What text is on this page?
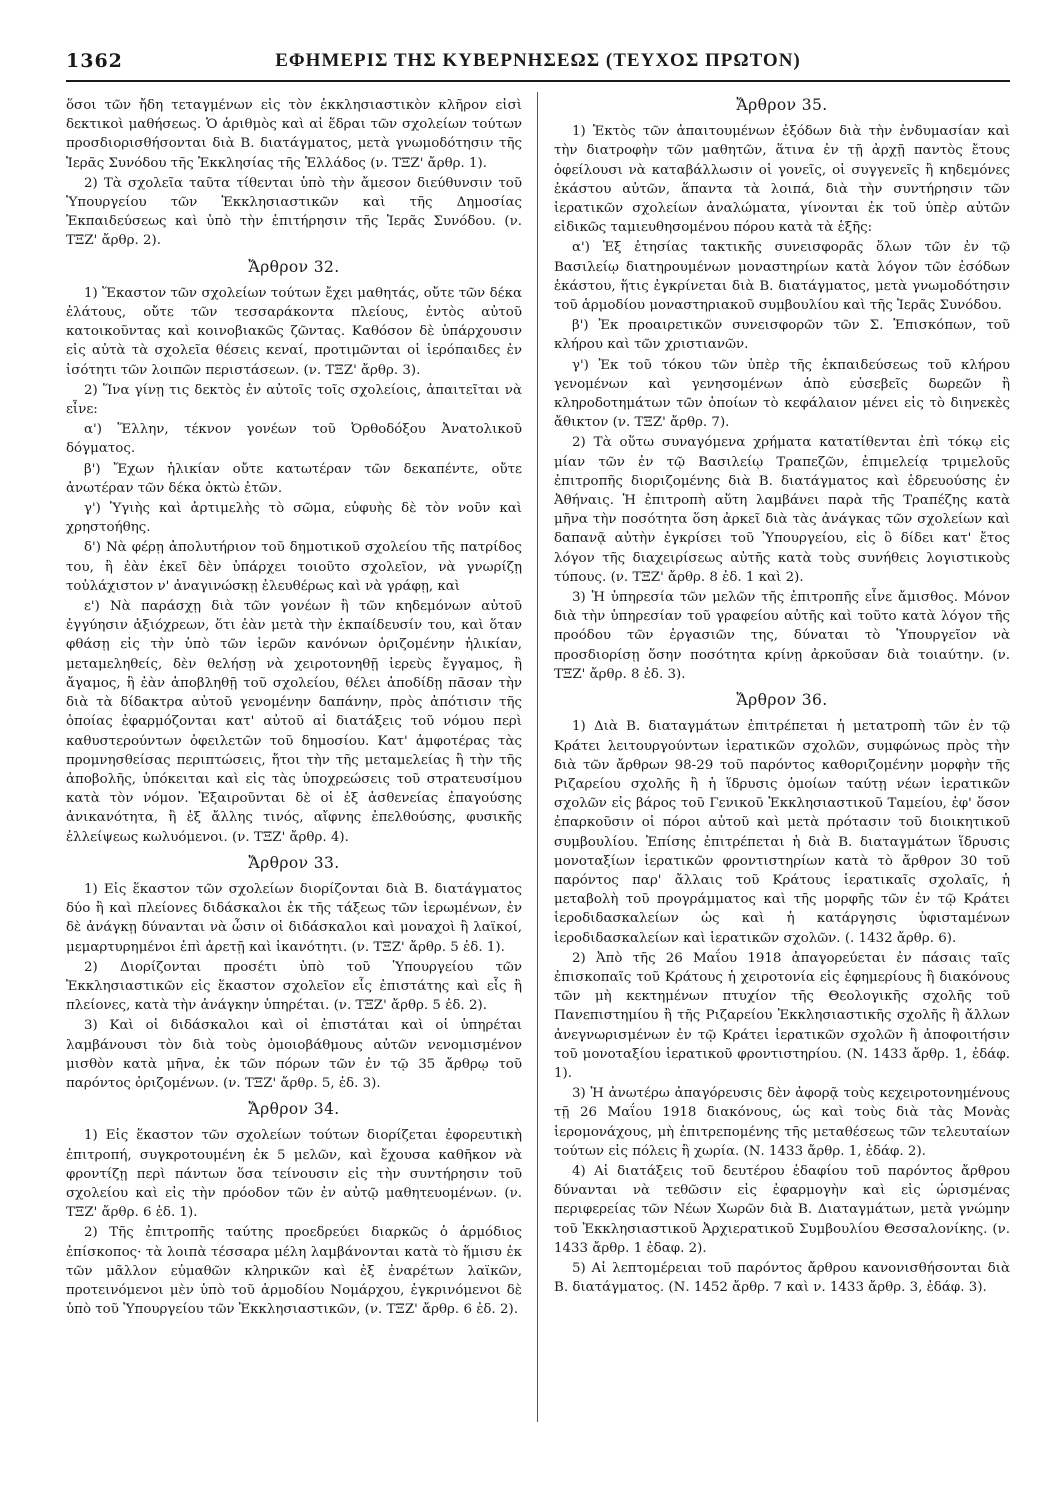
1362	ΕΦΗΜΕΡΙΣ ΤΗΣ ΚΥΒΕΡΝΗΣΕΩΣ (ΤΕΥΧΟΣ ΠΡΩΤΟΝ)

ὅσοι τῶν ἤδη τεταγμένων εἰς τὸν ἐκκλησιαστικὸν κλῆρον εἰσὶ δεκτικοὶ μαθήσεως. Ὁ ἀριθμὸς καὶ αἱ ἕδραι τῶν σχολείων τούτων προσδιορισθήσονται διὰ Β. διατάγματος, μετὰ γνωμοδότησιν τῆς Ἱερᾶς Συνόδου τῆς Ἐκκλησίας τῆς Ἑλλάδος (ν. ΤΞΖ' ἄρθρ. 1).

2) Τὰ σχολεῖα ταῦτα τίθενται ὑπὸ τὴν ἄμεσον διεύθυνσιν τοῦ Ὑπουργείου τῶν Ἐκκλησιαστικῶν καὶ τῆς Δημοσίας Ἐκπαιδεύσεως καὶ ὑπὸ τὴν ἐπιτήρησιν τῆς Ἱερᾶς Συνόδου. (ν. ΤΞΖ' ἄρθρ. 2).

Ἄρθρον 32.

1) Ἕκαστον τῶν σχολείων τούτων ἔχει μαθητάς, οὔτε τῶν δέκα ἐλάτους, οὔτε τῶν τεσσαράκοντα πλείους, ἐντὸς αὐτοῦ κατοικοῦντας καὶ κοινοβιακῶς ζῶντας. Καθόσον δὲ ὑπάρχουσιν εἰς αὐτὰ τὰ σχολεῖα θέσεις κεναί, προτιμῶνται οἱ ἱερόπαιδες ἐν ἰσότητι τῶν λοιπῶν περιστάσεων. (ν. ΤΞΖ' ἄρθρ. 3).

2) Ἵνα γίνῃ τις δεκτὸς ἐν αὐτοῖς τοῖς σχολείοις, ἀπαιτεῖται νὰ εἶνε:

α') Ἕλλην, τέκνον γονέων τοῦ Ὀρθοδόξου Ἀνατολικοῦ δόγματος.

β') Ἔχων ἡλικίαν οὔτε κατωτέραν τῶν δεκαπέντε, οὔτε ἀνωτέραν τῶν δέκα ὀκτὼ ἐτῶν.

γ') Ὑγιὴς καὶ ἀρτιμελὴς τὸ σῶμα, εὐφυὴς δὲ τὸν νοῦν καὶ χρηστοήθης.

δ') Νὰ φέρῃ ἀπολυτήριον τοῦ δημοτικοῦ σχολείου τῆς πατρίδος του, ἢ ἐὰν ἐκεῖ δὲν ὑπάρχει τοιοῦτο σχολεῖον, νὰ γνωρίζῃ τοὐλάχιστον ν' ἀναγινώσκῃ ἐλευθέρως καὶ νὰ γράφῃ, καὶ

ε') Νὰ παράσχῃ διὰ τῶν γονέων ἢ τῶν κηδεμόνων αὐτοῦ ἐγγύησιν ἀξιόχρεων, ὅτι ἐὰν μετὰ τὴν ἐκπαίδευσίν του, καὶ ὅταν φθάσῃ εἰς τὴν ὑπὸ τῶν ἱερῶν κανόνων ὁριζομένην ἡλικίαν, μεταμεληθείς, δὲν θελήσῃ νὰ χειροτονηθῇ ἱερεὺς ἔγγαμος, ἢ ἄγαμος, ἢ ἐὰν ἀποβληθῇ τοῦ σχολείου, θέλει ἀποδίδῃ πᾶσαν τὴν διὰ τὰ δίδακτρα αὐτοῦ γενομένην δαπάνην, πρὸς ἀπότισιν τῆς ὁποίας ἐφαρμόζονται κατ' αὐτοῦ αἱ διατάξεις τοῦ νόμου περὶ καθυστερούντων ὀφειλετῶν τοῦ δημοσίου. Κατ' ἀμφοτέρας τὰς προμνησθείσας περιπτώσεις, ἤτοι τὴν τῆς μεταμελείας ἢ τὴν τῆς ἀποβολῆς, ὑπόκειται καὶ εἰς τὰς ὑποχρεώσεις τοῦ στρατευσίμου κατὰ τὸν νόμον. Ἐξαιροῦνται δὲ οἱ ἐξ ἀσθενείας ἐπαγούσης ἀνικανότητα, ἢ ἐξ ἄλλης τινός, αἴφνης ἐπελθούσης, φυσικῆς ἐλλείψεως κωλυόμενοι. (ν. ΤΞΖ' ἄρθρ. 4).

Ἄρθρον 33.

1) Εἰς ἕκαστον τῶν σχολείων διορίζονται διὰ Β. διατάγματος δύο ἢ καὶ πλείονες διδάσκαλοι ἐκ τῆς τάξεως τῶν ἱερωμένων, ἐν δὲ ἀνάγκῃ δύνανται νὰ ὦσιν οἱ διδάσκαλοι καὶ μοναχοὶ ἢ λαϊκοί, μεμαρτυρημένοι ἐπὶ ἀρετῇ καὶ ἱκανότητι. (ν. ΤΞΖ' ἄρθρ. 5 ἐδ. 1).

2) Διορίζονται προσέτι ὑπὸ τοῦ Ὑπουργείου τῶν Ἐκκλησιαστικῶν εἰς ἕκαστον σχολεῖον εἷς ἐπιστάτης καὶ εἷς ἢ πλείονες, κατὰ τὴν ἀνάγκην ὑπηρέται. (ν. ΤΞΖ' ἄρθρ. 5 ἐδ. 2).

3) Καὶ οἱ διδάσκαλοι καὶ οἱ ἐπιστάται καὶ οἱ ὑπηρέται λαμβάνουσι τὸν διὰ τοὺς ὁμοιοβάθμους αὐτῶν νενομισμένον μισθὸν κατὰ μῆνα, ἐκ τῶν πόρων τῶν ἐν τῷ 35 ἄρθρῳ τοῦ παρόντος ὁριζομένων. (ν. ΤΞΖ' ἄρθρ. 5, ἐδ. 3).

Ἄρθρον 34.

1) Εἰς ἕκαστον τῶν σχολείων τούτων διορίζεται ἐφορευτικὴ ἐπιτροπή, συγκροτουμένη ἐκ 5 μελῶν, καὶ ἔχουσα καθῆκον νὰ φροντίζῃ περὶ πάντων ὅσα τείνουσιν εἰς τὴν συντήρησιν τοῦ σχολείου καὶ εἰς τὴν πρόοδον τῶν ἐν αὐτῷ μαθητευομένων. (ν. ΤΞΖ' ἄρθρ. 6 ἐδ. 1).

2) Τῆς ἐπιτροπῆς ταύτης προεδρεύει διαρκῶς ὁ ἁρμόδιος ἐπίσκοπος· τὰ λοιπὰ τέσσαρα μέλη λαμβάνονται κατὰ τὸ ἥμισυ ἐκ τῶν μᾶλλον εὐμαθῶν κληρικῶν καὶ ἐξ ἐναρέτων λαϊκῶν, προτεινόμενοι μὲν ὑπὸ τοῦ ἁρμοδίου Νομάρχου, ἐγκρινόμενοι δὲ ὑπὸ τοῦ Ὑπουργείου τῶν Ἐκκλησιαστικῶν, (ν. ΤΞΖ' ἄρθρ. 6 ἐδ. 2).

Ἄρθρον 35.

1) Ἐκτὸς τῶν ἀπαιτουμένων ἐξόδων διὰ τὴν ἐνδυμασίαν καὶ τὴν διατροφὴν τῶν μαθητῶν, ἅτινα ἐν τῇ ἀρχῇ παντὸς ἔτους ὀφείλουσι νὰ καταβάλλωσιν οἱ γονεῖς, οἱ συγγενεῖς ἢ κηδεμόνες ἑκάστου αὐτῶν, ἅπαντα τὰ λοιπά, διὰ τὴν συντήρησιν τῶν ἱερατικῶν σχολείων ἀναλώματα, γίνονται ἐκ τοῦ ὑπὲρ αὐτῶν εἰδικῶς ταμιευθησομένου πόρου κατὰ τὰ ἑξῆς:

α') Ἐξ ἐτησίας τακτικῆς συνεισφορᾶς ὅλων τῶν ἐν τῷ Βασιλείῳ διατηρουμένων μοναστηρίων κατὰ λόγον τῶν ἐσόδων ἑκάστου, ἥτις ἐγκρίνεται διὰ Β. διατάγματος, μετὰ γνωμοδότησιν τοῦ ἁρμοδίου μοναστηριακοῦ συμβουλίου καὶ τῆς Ἱερᾶς Συνόδου.

β') Ἐκ προαιρετικῶν συνεισφορῶν τῶν Σ. Ἐπισκόπων, τοῦ κλήρου καὶ τῶν χριστιανῶν.

γ') Ἐκ τοῦ τόκου τῶν ὑπὲρ τῆς ἐκπαιδεύσεως τοῦ κλήρου γενομένων καὶ γενησομένων ἀπὸ εὐσεβεῖς δωρεῶν ἢ κληροδοτημάτων τῶν ὁποίων τὸ κεφάλαιον μένει εἰς τὸ διηνεκὲς ἄθικτον (ν. ΤΞΖ' ἄρθρ. 7).

2) Τὰ οὕτω συναγόμενα χρήματα κατατίθενται ἐπὶ τόκῳ εἰς μίαν τῶν ἐν τῷ Βασιλείῳ Τραπεζῶν, ἐπιμελείᾳ τριμελοῦς ἐπιτροπῆς διοριζομένης διὰ Β. διατάγματος καὶ ἑδρευούσης ἐν Ἀθήναις. Ἡ ἐπιτροπὴ αὕτη λαμβάνει παρὰ τῆς Τραπέζης κατὰ μῆνα τὴν ποσότητα ὅση ἀρκεῖ διὰ τὰς ἀνάγκας τῶν σχολείων καὶ δαπανᾷ αὐτὴν ἐγκρίσει τοῦ Ὑπουργείου, εἰς ὃ δίδει κατ' ἔτος λόγον τῆς διαχειρίσεως αὐτῆς κατὰ τοὺς συνήθεις λογιστικοὺς τύπους. (ν. ΤΞΖ' ἄρθρ. 8 ἐδ. 1 καὶ 2).

3) Ἡ ὑπηρεσία τῶν μελῶν τῆς ἐπιτροπῆς εἶνε ἄμισθος. Μόνον διὰ τὴν ὑπηρεσίαν τοῦ γραφείου αὐτῆς καὶ τοῦτο κατὰ λόγον τῆς προόδου τῶν ἐργασιῶν της, δύναται τὸ Ὑπουργεῖον νὰ προσδιορίσῃ ὅσην ποσότητα κρίνῃ ἀρκοῦσαν διὰ τοιαύτην. (ν. ΤΞΖ' ἄρθρ. 8 ἐδ. 3).

Ἄρθρον 36.

1) Διὰ Β. διαταγμάτων ἐπιτρέπεται ἡ μετατροπὴ τῶν ἐν τῷ Κράτει λειτουργούντων ἱερατικῶν σχολῶν, συμφώνως πρὸς τὴν διὰ τῶν ἄρθρων 98-29 τοῦ παρόντος καθοριζομένην μορφὴν τῆς Ριζαρείου σχολῆς ἢ ἡ ἵδρυσις ὁμοίων ταύτῃ νέων ἱερατικῶν σχολῶν εἰς βάρος τοῦ Γενικοῦ Ἐκκλησιαστικοῦ Ταμείου, ἐφ' ὅσον ἐπαρκοῦσιν οἱ πόροι αὐτοῦ καὶ μετὰ πρότασιν τοῦ διοικητικοῦ συμβουλίου. Ἐπίσης ἐπιτρέπεται ἡ διὰ Β. διαταγμάτων ἵδρυσις μονοταξίων ἱερατικῶν φροντιστηρίων κατὰ τὸ ἄρθρον 30 τοῦ παρόντος παρ' ἄλλαις τοῦ Κράτους ἱερατικαῖς σχολαῖς, ἡ μεταβολὴ τοῦ προγράμματος καὶ τῆς μορφῆς τῶν ἐν τῷ Κράτει ἱεροδιδασκαλείων ὡς καὶ ἡ κατάργησις ὑφισταμένων ἱεροδιδασκαλείων καὶ ἱερατικῶν σχολῶν. (. 1432 ἄρθρ. 6).

2) Ἀπὸ τῆς 26 Μαΐου 1918 ἀπαγορεύεται ἐν πάσαις ταῖς ἐπισκοπαῖς τοῦ Κράτους ἡ χειροτονία εἰς ἐφημερίους ἢ διακόνους τῶν μὴ κεκτημένων πτυχίον τῆς Θεολογικῆς σχολῆς τοῦ Πανεπιστημίου ἢ τῆς Ριζαρείου Ἐκκλησιαστικῆς σχολῆς ἢ ἄλλων ἀνεγνωρισμένων ἐν τῷ Κράτει ἱερατικῶν σχολῶν ἢ ἀποφοιτήσιν τοῦ μονοταξίου ἱερατικοῦ φροντιστηρίου. (Ν. 1433 ἄρθρ. 1, ἐδάφ. 1).

3) Ἡ ἀνωτέρω ἀπαγόρευσις δὲν ἀφορᾷ τοὺς κεχειροτονημένους τῇ 26 Μαΐου 1918 διακόνους, ὡς καὶ τοὺς διὰ τὰς Μονὰς ἱερομονάχους, μὴ ἐπιτρεπομένης τῆς μεταθέσεως τῶν τελευταίων τούτων εἰς πόλεις ἢ χωρία. (Ν. 1433 ἄρθρ. 1, ἐδάφ. 2).

4) Αἱ διατάξεις τοῦ δευτέρου ἐδαφίου τοῦ παρόντος ἄρθρου δύνανται νὰ τεθῶσιν εἰς ἐφαρμογὴν καὶ εἰς ὡρισμένας περιφερείας τῶν Νέων Χωρῶν διὰ Β. Διαταγμάτων, μετὰ γνώμην τοῦ Ἐκκλησιαστικοῦ Ἀρχιερατικοῦ Συμβουλίου Θεσσαλονίκης. (ν. 1433 ἄρθρ. 1 ἐδαφ. 2).

5) Αἱ λεπτομέρειαι τοῦ παρόντος ἄρθρου κανονισθήσονται διὰ Β. διατάγματος. (Ν. 1452 ἄρθρ. 7 καὶ ν. 1433 ἄρθρ. 3, ἐδάφ. 3).
